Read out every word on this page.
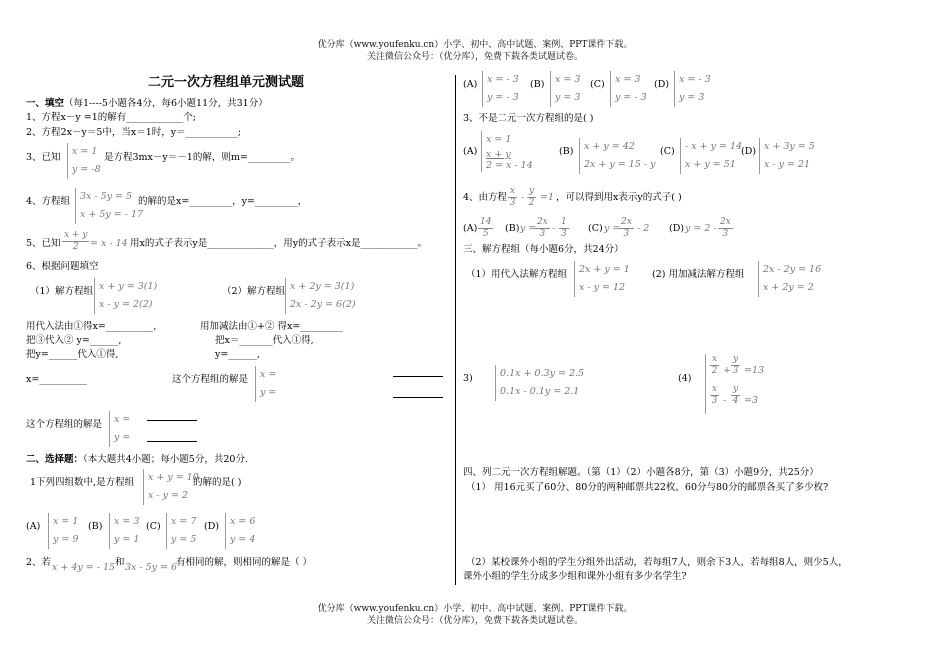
优分库（www.youfenku.cn）小学、初中、高中试题、案例、PPT课件下载。
关注微信公众号：（优分库），免费下载各类试题试卷。
二元一次方程组单元测试题
一、填空（每1----5小题各4分，每6小题11分，共31分）
1、方程x－y =1的解有____________个;
2、方程2x－y＝5中，当x＝1时，y＝___________;
3、已知
x = 1
y = -8
是方程3mx－y＝－1的解，则m=_________。
4、方程组 3x - 5y = 5
x + 5y = - 17
的解的是x=_________，y=_________，
5、已知 $\frac{x + y}{2} = x - 14$ 用x的式子表示y是______________，用y的式子表示x是____________。
6、根据问题填空
（1）解方程组 x + y = 3(1)
x - y = 2(2)
（2）解方程组 x + 2y = 3(1)
2x - 2y = 6(2)
用代入法由①得x=__________,	用加减法由①+② 得x=_________
把③代入② y=______,	把x＝_______代入①得,
把y=______代入①得,	y=______,
x=__________	这个方程组的解是 x =
y =
这个方程组的解是 x =
y =
二、选择题：（本大题共4小题；每小题5分，共20分.
1下列四组数中,是方程组 x + y = 10
x - y = 2
的解的是( )
(A) x = 1
y = 9
(B) x = 3
y = 1
(C) x = 7
y = 5
(D) x = 6
y = 4
2、若 x + 4y = - 15 和 3x - 5y = 6
有相同的解，则相同的解是（ ）
(A) x = - 3
y = - 3
(B) x = 3
y = 3
(C) x = 3
y = - 3
(D) x = - 3
y = 3
3、不是二元一次方程组的是( )
(A)
x = 1
x + y
2 = x - 14
(B) x + y = 42
2x + y = 15 - y
(C) - x + y = 14
x + y = 51
(D) x + 3y = 5
x - y = 21
4、由方程 $\frac{x}{3} - \frac{y}{2} =1$ ，可以得到用x表示y的式子( )
$(A) \frac{14}{5} (B) y$ =
$\frac{2x}{3} - \frac{1}{3} (C) y$ =
$\frac{2x}{3} - 2$ (D) $y = 2 - \frac{2x}{3}$
三、解方程组（每小题6分，共24分）
（1）用代入法解方程组 2x + y = 1
x - y = 12
(2) 用加减法解方程组 2x - 2y = 16
x + 2y = 2
3)	0.1x + 0.3y = 2.5
0.1x - 0.1y = 2.1
(4)
$\frac{x}{2} + \frac{y}{3} =13$
$\frac{x}{3} - \frac{y}{4} =3$
四、列二元一次方程组解题。（第（1）（2）小题各8分，第（3）小题9分，共25分）
（1） 用16元买了60分、80分的两种邮票共22枚，60分与80分的邮票各买了多少枚?
（2）某校课外小组的学生分组外出活动，若每组7人，则余下3人，若每组8人，则少5人，
课外小组的学生分成多少组和课外小组有多少名学生?
优分库（www.youfenku.cn）小学、初中、高中试题、案例、PPT课件下载。
关注微信公众号：（优分库），免费下载各类试题试卷。
